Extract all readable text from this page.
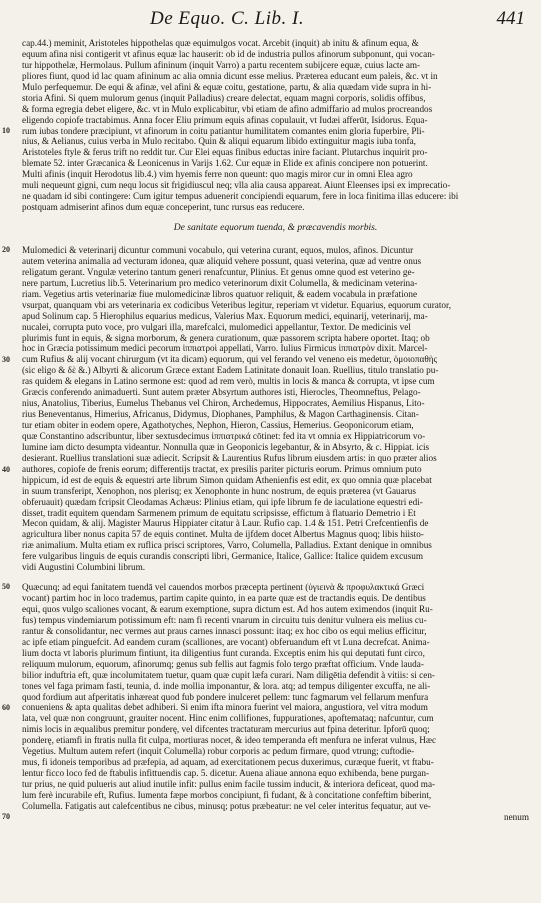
De Equo. C. Lib. I.	441
10
cap.44.) meminit, Aristoteles hippothelas quæ equimulgos vocat. Arcebit (inquit) ab initu & afinum equa, &
equum afina nisi contigerit vt afinus equæ lac hauserit: ob id de industria pullos afinorum subponunt, qui vocan-
tur hippothelæ, Hermolaus. Pullum afininum (inquit Varro) a partu recentem subijcere equæ, cuius lacte am-
pliores fiunt, quod id lac quam afininum ac alia omnia dicunt esse melius. Præterea educant eum paleis, &c. vt in
Mulo perfequemur. De equi & afinæ, vel afini & equæ coitu, gestatione, partu, & alia quædam vide supra in hi-
storia Afini. Si quem mulorum genus (inquit Palladius) creare delectat, equam magni corporis, solidis offibus,
& forma egregia debet eligere, &c. vt in Mulo explicabitur, vbi etiam de afino admiffario ad mulos procreandos
eligendo copiofe tractabimus. Anna focer Eliu primum equis afinas copulauit, vt Iudæi afferūt, Isidorus. Equa-
rum iubas tondere præcipiunt, vt afinorum in coitu patiantur humilitatem comantes enim gloria fuperbire, Pli-
nius, & Aelianus, cuius verba in Mulo recitabo. Quin & aliqui equarum libido extinguitur magis iuba tonfa,
Aristoteles ftyle & ferus trift no reddit tur. Cur Elei equas finibus eductas inire faciant. Plutarchus inquirit pro-
blemate 52. inter Græcanica & Leonicenus in Varijs 1.62. Cur equæ in Elide ex afinis concipere non potuerint.
Multi afinis (inquit Herodotus lib.4.) vim hyemis ferre non queunt: quo magis miror cur in omni Elea agro
muli nequeunt gigni, cum nequ locus sit frigidiuscul neq; vlla alia causa appareat. Aiunt Eleenses ipsi ex imprecatio-
ne quadam id sibi contingere: Cum igitur tempus aduenerit concipiendi equarum, fere in loca finitima illas educere: ibi
postquam admiserint afinos dum equæ conceperint, tunc rursus eas reducere.
De sanitate equorum tuenda, & præcavendis morbis.
20
30
40
Mulomedici & veterinarij dicuntur communi vocabulo, qui veterina curant, equos, mulos, afinos. Dicuntur
autem veterina animalia ad vecturam idonea, quæ aliquid vehere possunt, quasi veterina, quæ ad ventre onus
religatum gerant. Vngulæ veterino tantum generi renafcuntur, Plinius. Et genus omne quod est veterino ge-
nere partum, Lucretius lib.5. Veterinarium pro medico veterinorum dixit Columella, & medicinam veterina-
riam. Vegetius artis veterinariæ fiue mulomedicinæ libros quatuor reliquit, & eadem vocabula in præfatione
vsurpat, quanquam vbi ars veterinaria ex codicibus Veteribus legitur, reperiam vt videtur. Equarius, equorum curator,
apud Solinum cap. 5 Hierophilus equarius medicus, Valerius Max. Equorum medici, equinarij, veterinarij, ma-
nucalei, corrupta puto voce, pro vulgari illa, marefcalci, mulomedici appellantur, Textor. De medicinis vel
plurimis funt in equis, & signa morborum, & genera curationum, quæ passorem scripta habere oportet. Itaq; ob
hoc in Græcia potissimum medici pecorum ἱππιατροὶ appellati, Varro. Iulius Firmicus ἱππιατρὸν dixit. Marcel-
cum Rufius & alij vocant chirurgum (vt ita dicam) equorum, qui vel ferando vel veneno eis medetur, ὁμοιοπαθὴς
(sic eligo & δὲ &.) Albyrti & alicorum Græce extant Eadem Latinitate donauit Ioan. Ruellius, titulo translatio pu-
ras quidem & elegans in Latino sermone est: quod ad rem verò, multis in locis & manca & corrupta, vt ipse cum
Græcis conferendo animaduerti. Sunt autem præter Absyrtum authores isti, Hierocles, Theomneftus, Pelago-
nius, Anatolius, Tiberius, Eumelus Thebanus vel Chiron, Archedemus, Hippocrates, Aemilius Hispanus, Lito-
rius Beneventanus, Himerius, Africanus, Didymus, Diophanes, Pamphilus, & Magon Carthaginensis. Citan-
tur etiam obiter in eodem opere, Agathotyches, Nephon, Hieron, Cassius, Hemerius. Geoponicorum etiam,
quæ Constantino adscribuntur, liber sextusdecimus ἱππιατρικά cōtinet: fed ita vt omnia ex Hippiatricorum vo-
lumine iam dicto desumpta videantur. Nonnulla quæ in Geoponicis legebantur, & in Absyrto, & c. Hippiat. icis
desierant. Ruellius translationi suæ adiecit. Scripsit & Laurentius Rufus librum eiusdem artis: in quo præter alios
authores, copiofe de frenis eorum; differentijs tractat, ex presilis pariter picturis eorum. Primus omnium puto
hippicum, id est de equis & equestri arte librum Simon quidam Athenienfis est edit, ex quo omnia quæ placebat
in suum transfeript, Xenophon, nos plerisq; ex Xenophonte in hunc nostrum, de equis præterea (vt Gauarus
obferuauit) quædam fcripsit Cleodamas Achæus: Plinius etiam, qui ipfe librum fe de iaculatione equestri edi-
disset, tradit equitem quendam Sarmenem primum de equitatu scripsisse, effictum à flatuario Demetrio i Et
Mecon quidam, & alij. Magister Maurus Hippiater citatur à Laur. Rufio cap. 1.4 & 151. Petri Crefcentienfis de
agricultura liber nonus capita 57 de equis continet. Multa de ijfdem docet Albertus Magnus quoq; libis hiisto-
riæ animalium. Multa etiam ex ruflica prisci scriptores, Varro, Columella, Palladius. Extant denique in omnibus
fere vulgaribus linguis de equis curandis conscripti libri, Germanice, Italice, Gallice: Italice quidem excusum
vidi Augustini Columbini librum.
50
60
70
Quæcunq; ad equi fanitatem tuendā vel cauendos morbos præcepta pertinent (ὑγιεινὰ & προφυλακτικά Græci
vocant) partim hoc in loco trademus, partim capite quinto, in ea parte quæ est de tractandis equis. De dentibus
equi, quos vulgo scaliones vocant, & earum exemptione, supra dictum est. Ad hos autem eximendos (inquit Ru-
fus) tempus vindemiarum potissimum eft: nam fi recenti vnarum in circuitu tuis denitur vulnera eis melius cu-
rantur & consolidantur, nec vermes aut praus carnes innasci possunt: itaq; ex hoc cibo os equi melius efficitur,
ac ipfe etiam pinguefcit. Ad eandem curam (scalliones, are vocant) obferuandum eft vt Luna decrefcat. Anima-
lium docta vt laboris plurimum fintiunt, ita diligentius funt curanda. Exceptis enim his qui deputati funt circo,
reliquum mulorum, equorum, afinorumq; genus sub fellis aut fagmis folo tergo præftat officium. Vnde lauda-
bilior induftria eft, quæ incolumitatem tuetur, quam quæ cupit læfa curari. Nam diligētia defendit à vitiis: si cen-
tones vel faga primam fasti, teunia, d. inde mollia imponantur, & lora. atq; ad tempus diligenter excuffa, ne ali-
quod fordium aut afperitatis inhæreat quod fub pondere inulceret pellem: tunc fagmarum vel fellarum menfura
conueniens & apta qualitas debet adhiberi. Si enim ifta minora fuerint vel maiora, angustiora, vel vitra modum
lata, vel quæ non congruunt, grauiter nocent. Hinc enim collifiones, fuppurationes, apoftemataq; nafcuntur, cum
nimis locis in æqualibus premitur ponderę, vel difcentes tractaturam mercurius aut fpina deteritur. Ipforū quoq;
ponderę, etiamfi in ftratis nulla fit culpa, mortiuras nocet, & ideo temperanda eft menfura ne inferat vulnus, Hæc
Vegetius. Multum autem refert (inquit Columella) robur corporis ac pedum firmare, quod vtrung; cuftodie-
mus, fi idoneis temporibus ad præfepia, ad aquam, ad exercitationem pecus duxerimus, curæque fuerit, vt ftabu-
lentur ficco loco fed de ftabulis infittuendis cap. 5. dicetur. Auena aliaue annona equo exhibenda, bene purgan-
tur prius, ne quid pulueris aut aliud inutile infit: pullus enim facile tussim inducit, & interiora deficeat, quod ma-
lum ferè incurabile eft, Rufius. Iumenta fæpe morbos concipiunt, fi fudant, & à concitatione confeftim biberint,
Columella. Fatigatis aut calefcentibus ne cibus, minusq; potus præbeatur: ne vel celer interitus fequatur, aut ve-
nenum
